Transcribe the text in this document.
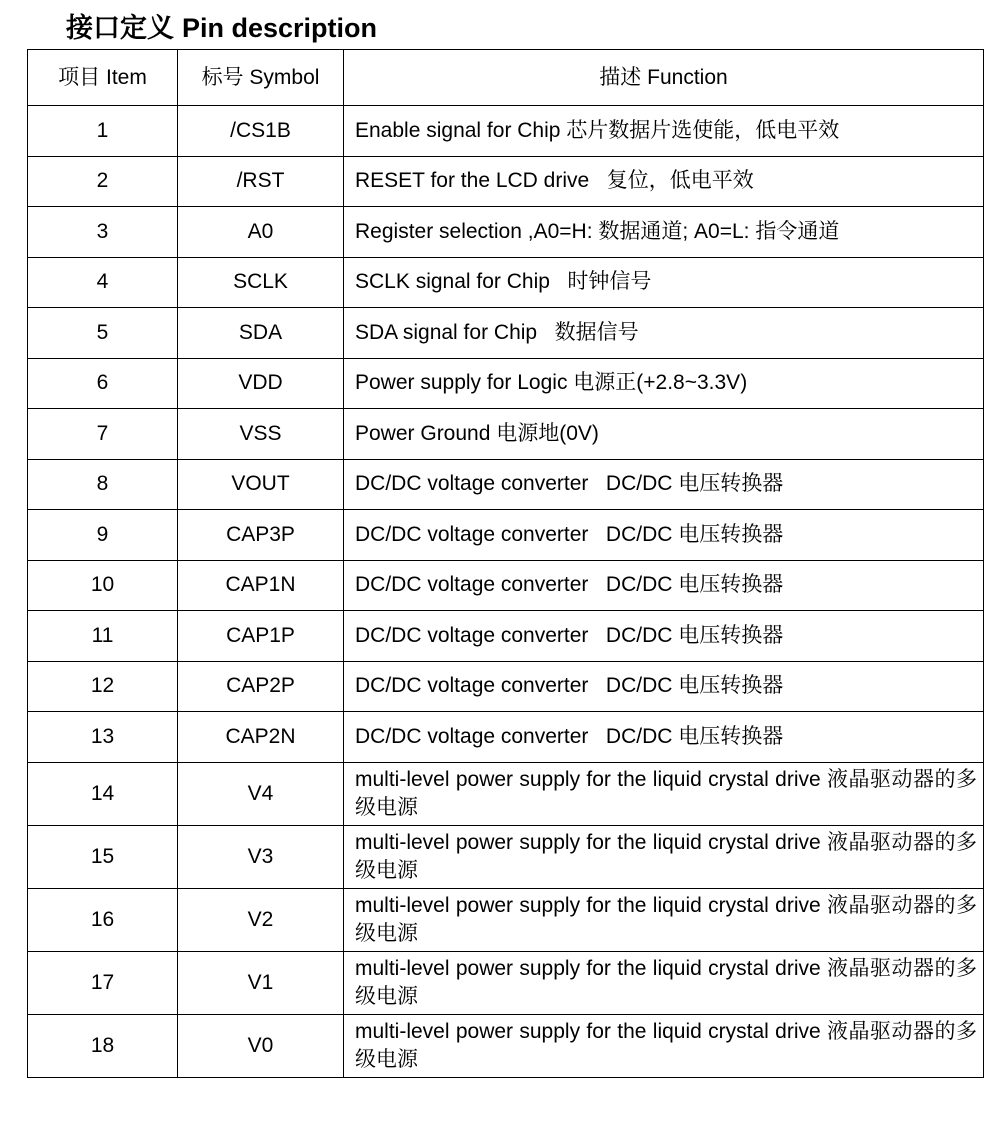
接口定义 Pin description
项目 Item	标号 Symbol	描述 Function
1	/CS1B	Enable signal for Chip 芯片数据片选使能，低电平效
2	/RST	RESET for the LCD drive   复位，低电平效
3	A0	Register selection ,A0=H: 数据通道; A0=L: 指令通道
4	SCLK	SCLK signal for Chip   时钟信号
5	SDA	SDA signal for Chip   数据信号
6	VDD	Power supply for Logic 电源正(+2.8~3.3V)
7	VSS	Power Ground 电源地(0V)
8	VOUT	DC/DC voltage converter   DC/DC 电压转换器
9	CAP3P	DC/DC voltage converter   DC/DC 电压转换器
10	CAP1N	DC/DC voltage converter   DC/DC 电压转换器
11	CAP1P	DC/DC voltage converter   DC/DC 电压转换器
12	CAP2P	DC/DC voltage converter   DC/DC 电压转换器
13	CAP2N	DC/DC voltage converter   DC/DC 电压转换器
14	V4	multi-level power supply for the liquid crystal drive 液晶驱动器的多级电源
15	V3	multi-level power supply for the liquid crystal drive 液晶驱动器的多级电源
16	V2	multi-level power supply for the liquid crystal drive 液晶驱动器的多级电源
17	V1	multi-level power supply for the liquid crystal drive 液晶驱动器的多级电源
18	V0	multi-level power supply for the liquid crystal drive 液晶驱动器的多级电源
